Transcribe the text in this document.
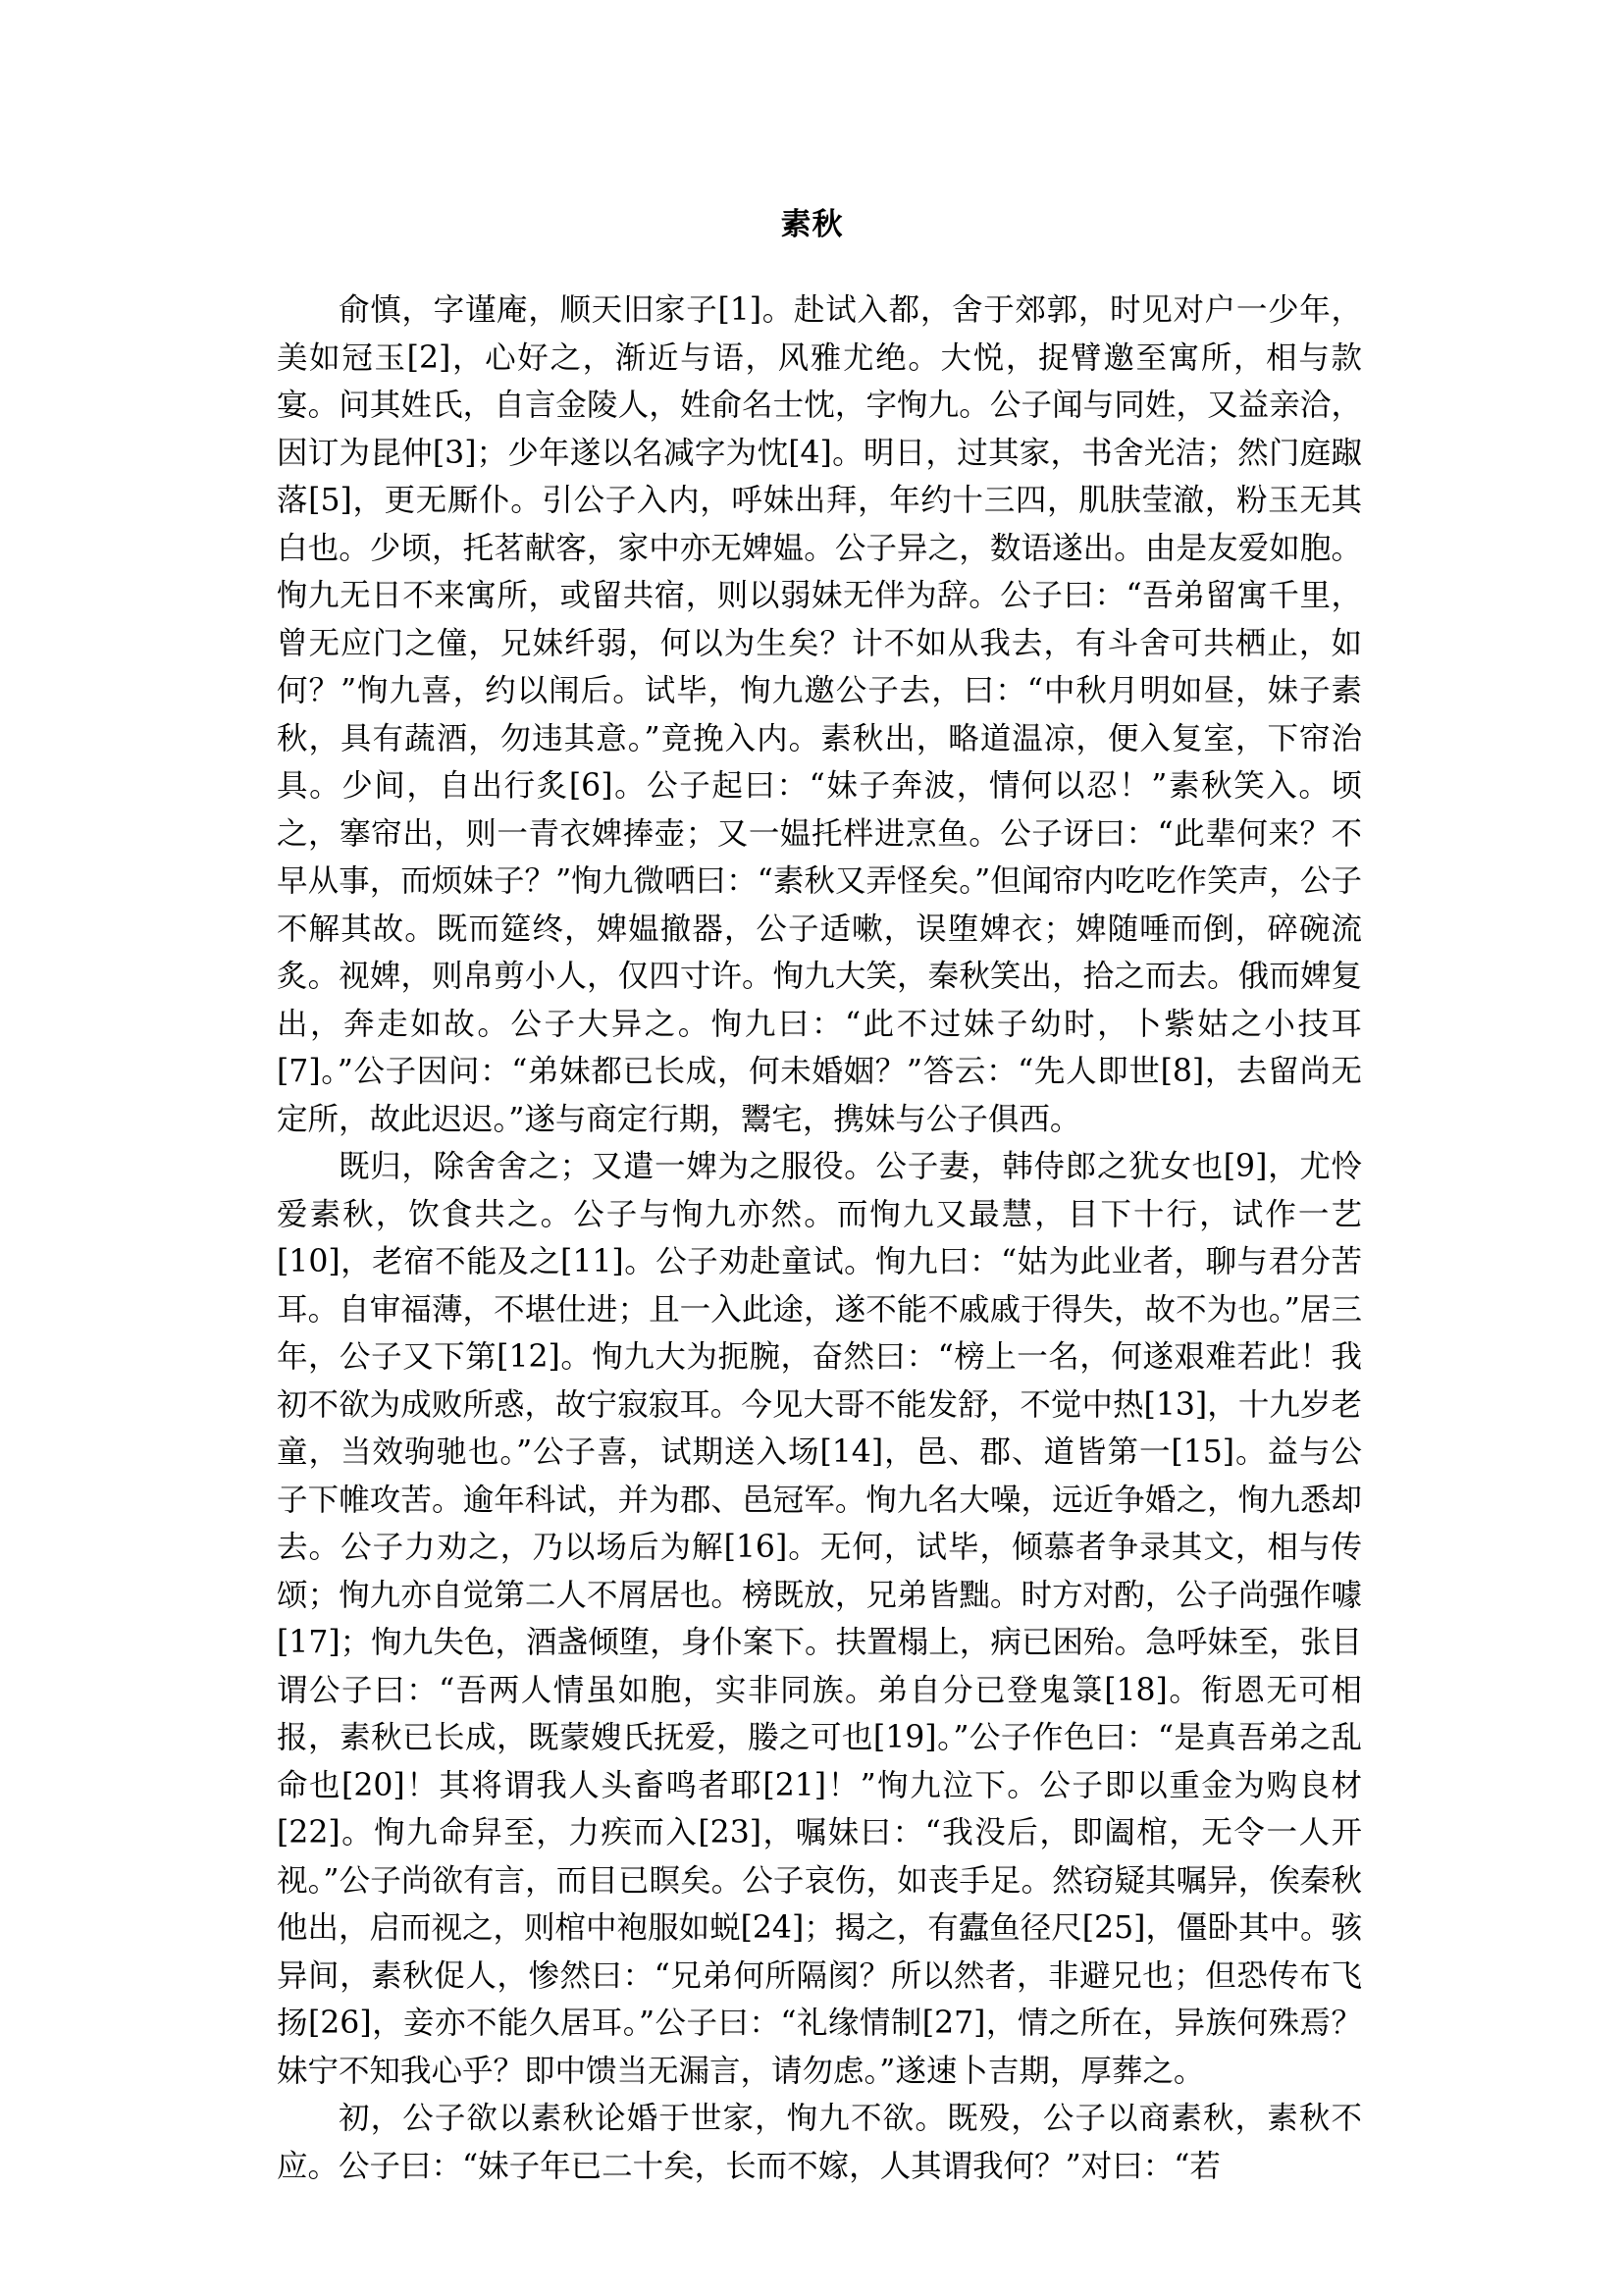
素秋

俞慎，字谨庵，顺天旧家子[1]。赴试入都，舍于郊郭，时见对户一少年，美如冠玉[2]，心好之，渐近与语，风雅尤绝。大悦，捉臂邀至寓所，相与款宴。问其姓氏，自言金陵人，姓俞名士忱，字恂九。公子闻与同姓，又益亲洽，因订为昆仲[3]；少年遂以名减字为忱[4]。明日，过其家，书舍光洁；然门庭踧落[5]，更无厮仆。引公子入内，呼妹出拜，年约十三四，肌肤莹澈，粉玉无其白也。少顷，托茗献客，家中亦无婢媪。公子异之，数语遂出。由是友爱如胞。恂九无日不来寓所，或留共宿，则以弱妹无伴为辞。公子曰：“吾弟留寓千里，曾无应门之僮，兄妹纤弱，何以为生矣？计不如从我去，有斗舍可共栖止，如何？”恂九喜，约以闱后。试毕，恂九邀公子去，曰：“中秋月明如昼，妹子素秋，具有蔬酒，勿违其意。”竟挽入内。素秋出，略道温凉，便入复室，下帘治具。少间，自出行炙[6]。公子起曰：“妹子奔波，情何以忍！”素秋笑入。顷之，搴帘出，则一青衣婢捧壶；又一媪托柈进烹鱼。公子讶曰：“此辈何来？不早从事，而烦妹子？”恂九微哂曰：“素秋又弄怪矣。”但闻帘内吃吃作笑声，公子不解其故。既而筵终，婢媪撤器，公子适嗽，误堕婢衣；婢随唾而倒，碎碗流炙。视婢，则帛剪小人，仅四寸许。恂九大笑，秦秋笑出，拾之而去。俄而婢复出，奔走如故。公子大异之。恂九曰：“此不过妹子幼时，卜紫姑之小技耳[7]。”公子因问：“弟妹都已长成，何未婚姻？”答云：“先人即世[8]，去留尚无定所，故此迟迟。”遂与商定行期，鬻宅，携妹与公子俱西。

既归，除舍舍之；又遣一婢为之服役。公子妻，韩侍郎之犹女也[9]，尤怜爱素秋，饮食共之。公子与恂九亦然。而恂九又最慧，目下十行，试作一艺[10]，老宿不能及之[11]。公子劝赴童试。恂九曰：“姑为此业者，聊与君分苦耳。自审福薄，不堪仕进；且一入此途，遂不能不戚戚于得失，故不为也。”居三年，公子又下第[12]。恂九大为扼腕，奋然曰：“榜上一名，何遂艰难若此！我初不欲为成败所惑，故宁寂寂耳。今见大哥不能发舒，不觉中热[13]，十九岁老童，当效驹驰也。”公子喜，试期送入场[14]，邑、郡、道皆第一[15]。益与公子下帷攻苦。逾年科试，并为郡、邑冠军。恂九名大噪，远近争婚之，恂九悉却去。公子力劝之，乃以场后为解[16]。无何，试毕，倾慕者争录其文，相与传颂；恂九亦自觉第二人不屑居也。榜既放，兄弟皆黜。时方对酌，公子尚强作噱[17]；恂九失色，酒盏倾堕，身仆案下。扶置榻上，病已困殆。急呼妹至，张目谓公子曰：“吾两人情虽如胞，实非同族。弟自分已登鬼箓[18]。衔恩无可相报，素秋已长成，既蒙嫂氏抚爱，媵之可也[19]。”公子作色曰：“是真吾弟之乱命也[20]！其将谓我人头畜鸣者耶[21]！”恂九泣下。公子即以重金为购良材[22]。恂九命舁至，力疾而入[23]，嘱妹曰：“我没后，即阖棺，无令一人开视。”公子尚欲有言，而目已瞑矣。公子哀伤，如丧手足。然窃疑其嘱异，俟秦秋他出，启而视之，则棺中袍服如蜕[24]；揭之，有蠹鱼径尺[25]，僵卧其中。骇异间，素秋促人，惨然曰：“兄弟何所隔阂？所以然者，非避兄也；但恐传布飞扬[26]，妾亦不能久居耳。”公子曰：“礼缘情制[27]，情之所在，异族何殊焉？妹宁不知我心乎？即中馈当无漏言，请勿虑。”遂速卜吉期，厚葬之。

初，公子欲以素秋论婚于世家，恂九不欲。既殁，公子以商素秋，素秋不应。公子曰：“妹子年已二十矣，长而不嫁，人其谓我何？”对曰：“若
